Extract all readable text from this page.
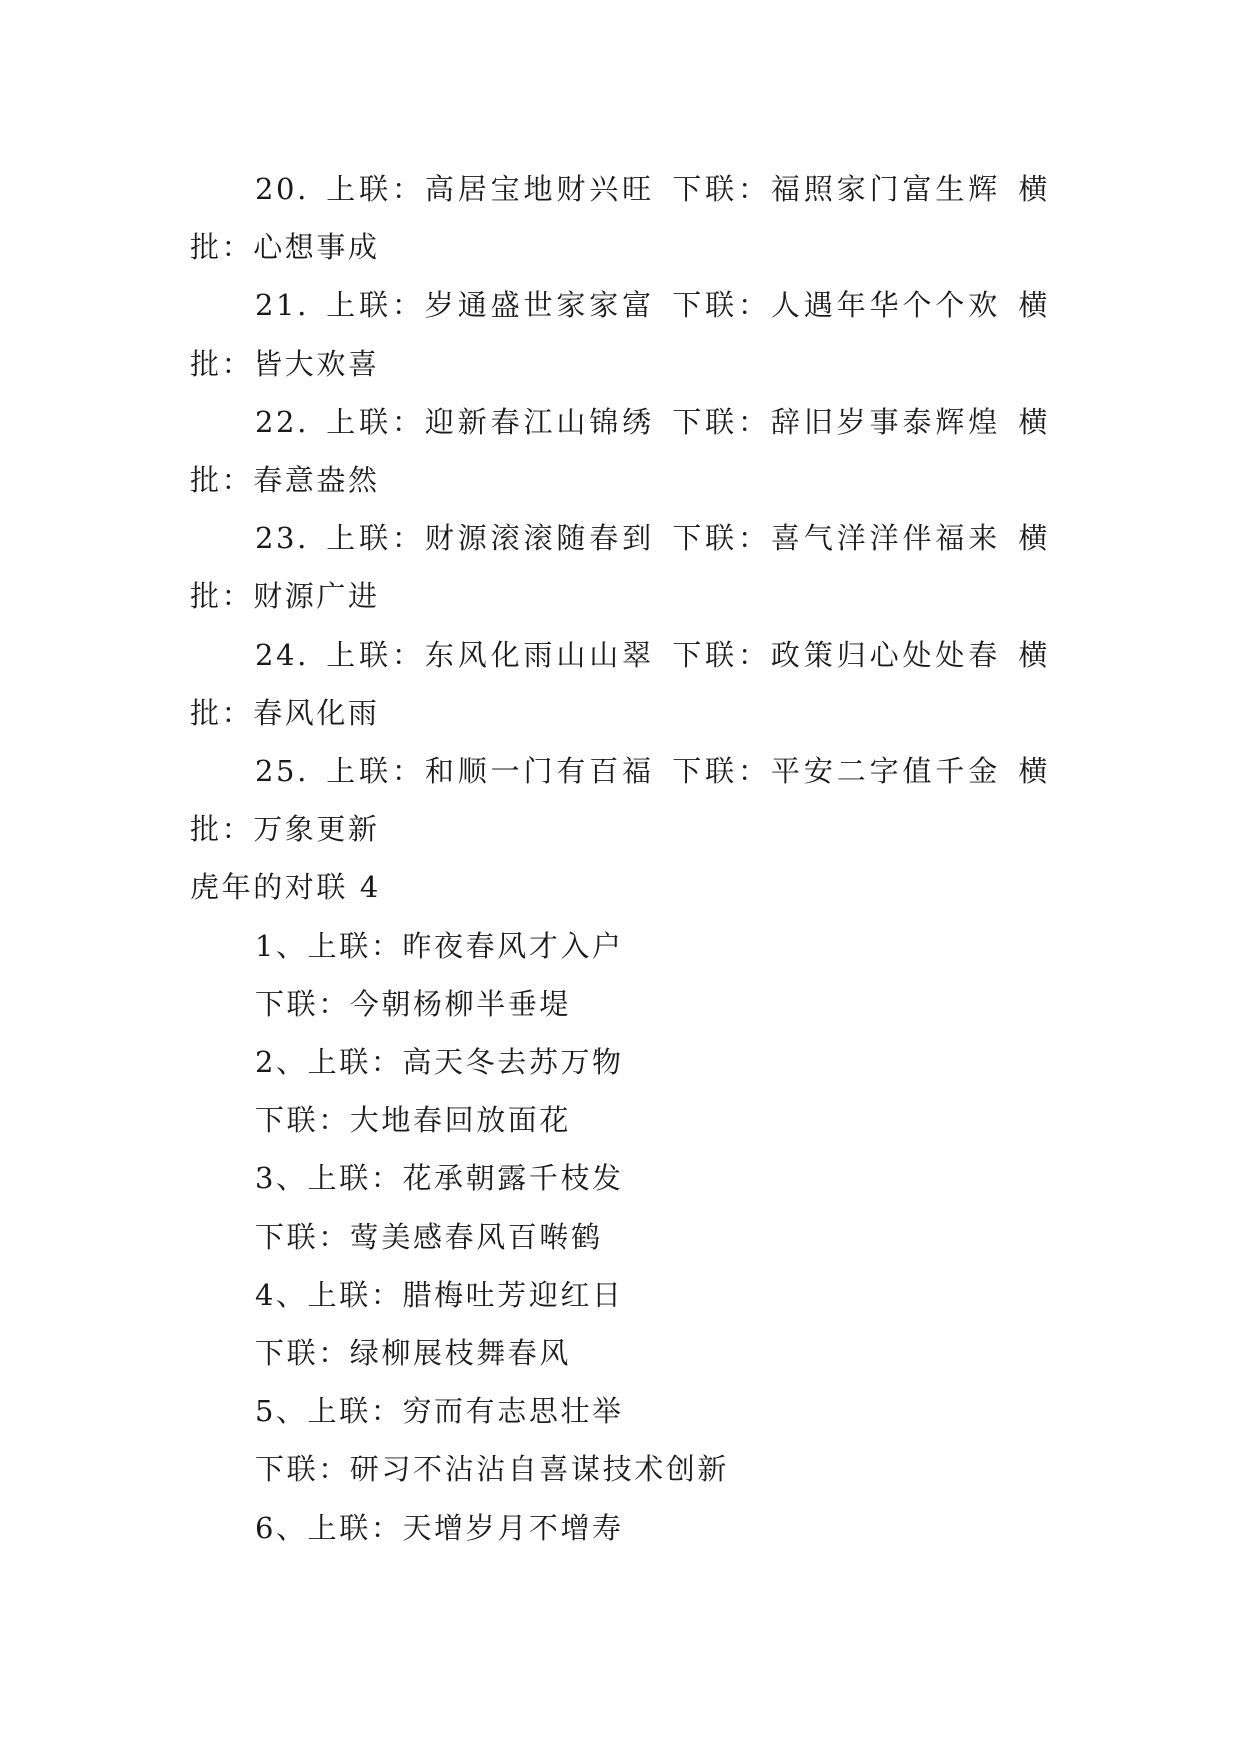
20. 上联：高居宝地财兴旺 下联：福照家门富生辉 横批：心想事成

21. 上联：岁通盛世家家富 下联：人遇年华个个欢 横批：皆大欢喜

22. 上联：迎新春江山锦绣 下联：辞旧岁事泰辉煌 横批：春意盎然

23. 上联：财源滚滚随春到 下联：喜气洋洋伴福来 横批：财源广进

24. 上联：东风化雨山山翠 下联：政策归心处处春 横批：春风化雨

25. 上联：和顺一门有百福 下联：平安二字值千金 横批：万象更新

虎年的对联 4

1、上联：昨夜春风才入户

下联：今朝杨柳半垂堤

2、上联：高天冬去苏万物

下联：大地春回放面花

3、上联：花承朝露千枝发

下联：莺美感春风百啭鹤

4、上联：腊梅吐芳迎红日

下联：绿柳展枝舞春风

5、上联：穷而有志思壮举

下联：研习不沾沾自喜谋技术创新

6、上联：天增岁月不增寿
